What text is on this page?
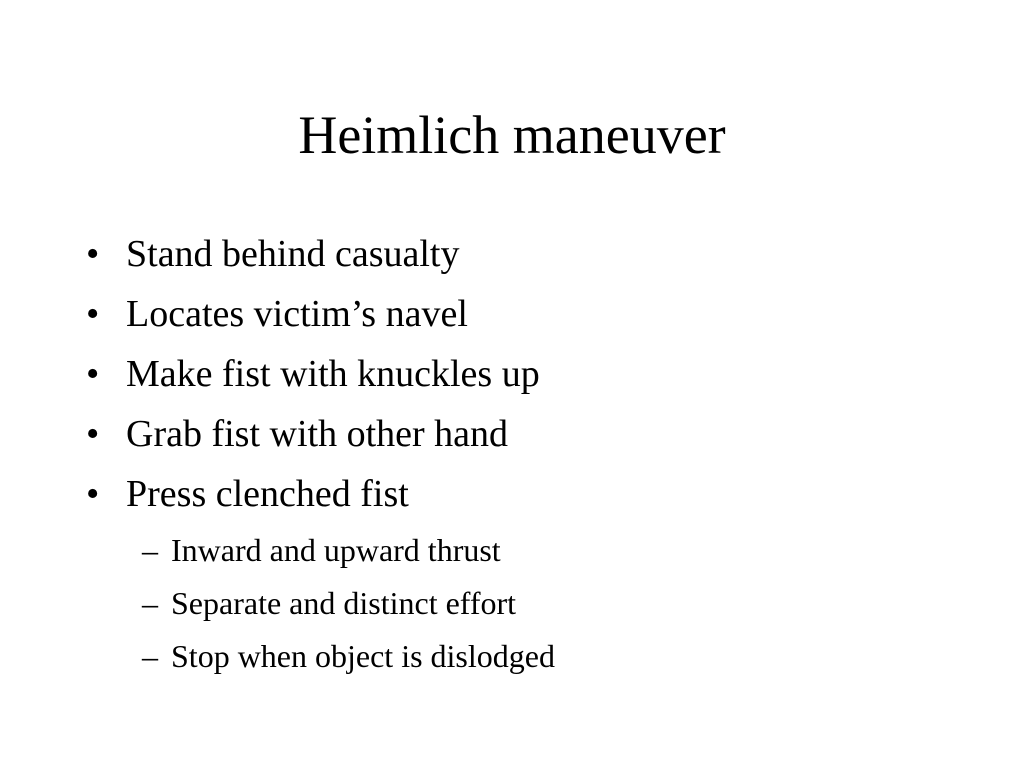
Heimlich maneuver
• Stand behind casualty
• Locates victim’s navel
• Make fist with knuckles up
• Grab fist with other hand
• Press clenched fist
– Inward and upward thrust
– Separate and distinct effort
– Stop when object is dislodged
